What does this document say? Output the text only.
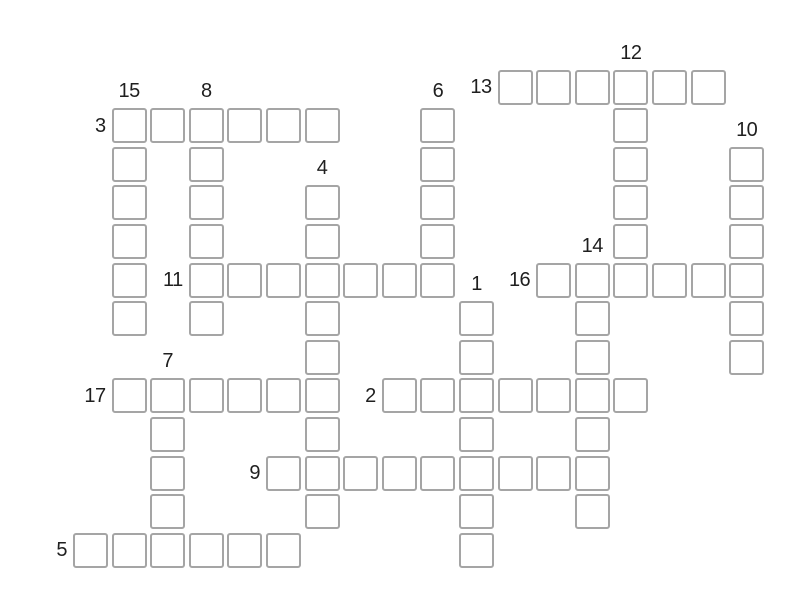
2
3
5
9
11
13
16
17
1
4
6
7
8
10
12
14
15
